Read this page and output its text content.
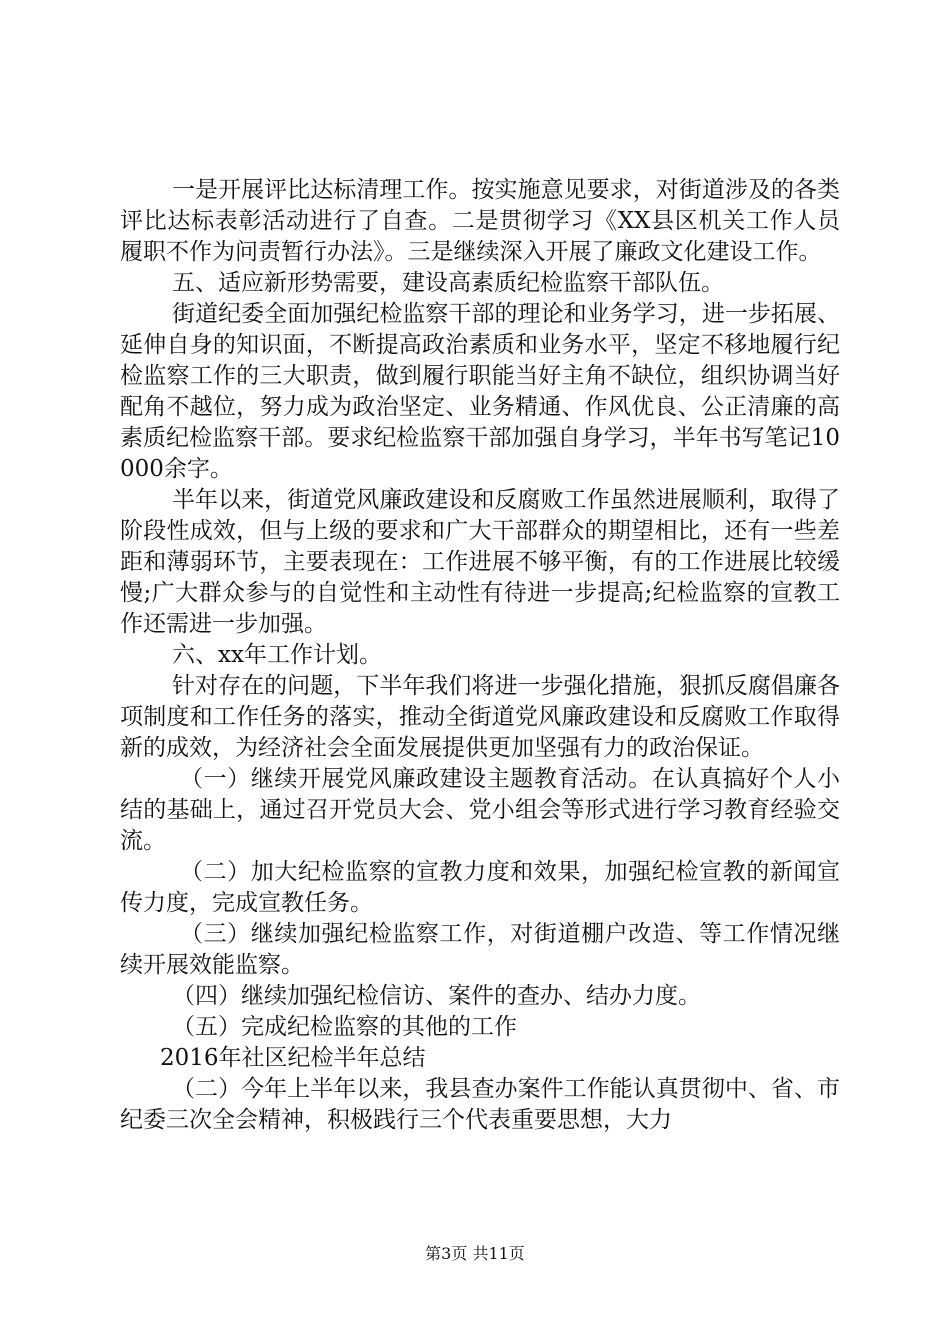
一是开展评比达标清理工作。按实施意见要求，对街道涉及的各类评比达标表彰活动进行了自查。二是贯彻学习《XX县区机关工作人员履职不作为问责暂行办法》。三是继续深入开展了廉政文化建设工作。

五、适应新形势需要，建设高素质纪检监察干部队伍。

街道纪委全面加强纪检监察干部的理论和业务学习，进一步拓展、延伸自身的知识面，不断提高政治素质和业务水平，坚定不移地履行纪检监察工作的三大职责，做到履行职能当好主角不缺位，组织协调当好配角不越位，努力成为政治坚定、业务精通、作风优良、公正清廉的高素质纪检监察干部。要求纪检监察干部加强自身学习，半年书写笔记10000余字。

半年以来，街道党风廉政建设和反腐败工作虽然进展顺利，取得了阶段性成效，但与上级的要求和广大干部群众的期望相比，还有一些差距和薄弱环节，主要表现在：工作进展不够平衡，有的工作进展比较缓慢;广大群众参与的自觉性和主动性有待进一步提高;纪检监察的宣教工作还需进一步加强。

六、xx年工作计划。

针对存在的问题，下半年我们将进一步强化措施，狠抓反腐倡廉各项制度和工作任务的落实，推动全街道党风廉政建设和反腐败工作取得新的成效，为经济社会全面发展提供更加坚强有力的政治保证。

（一）继续开展党风廉政建设主题教育活动。在认真搞好个人小结的基础上，通过召开党员大会、党小组会等形式进行学习教育经验交流。

（二）加大纪检监察的宣教力度和效果，加强纪检宣教的新闻宣传力度，完成宣教任务。

（三）继续加强纪检监察工作，对街道棚户改造、等工作情况继续开展效能监察。

（四）继续加强纪检信访、案件的查办、结办力度。

（五）完成纪检监察的其他的工作

2016年社区纪检半年总结

（二）今年上半年以来，我县查办案件工作能认真贯彻中、省、市纪委三次全会精神，积极践行三个代表重要思想，大力

第3页 共11页
